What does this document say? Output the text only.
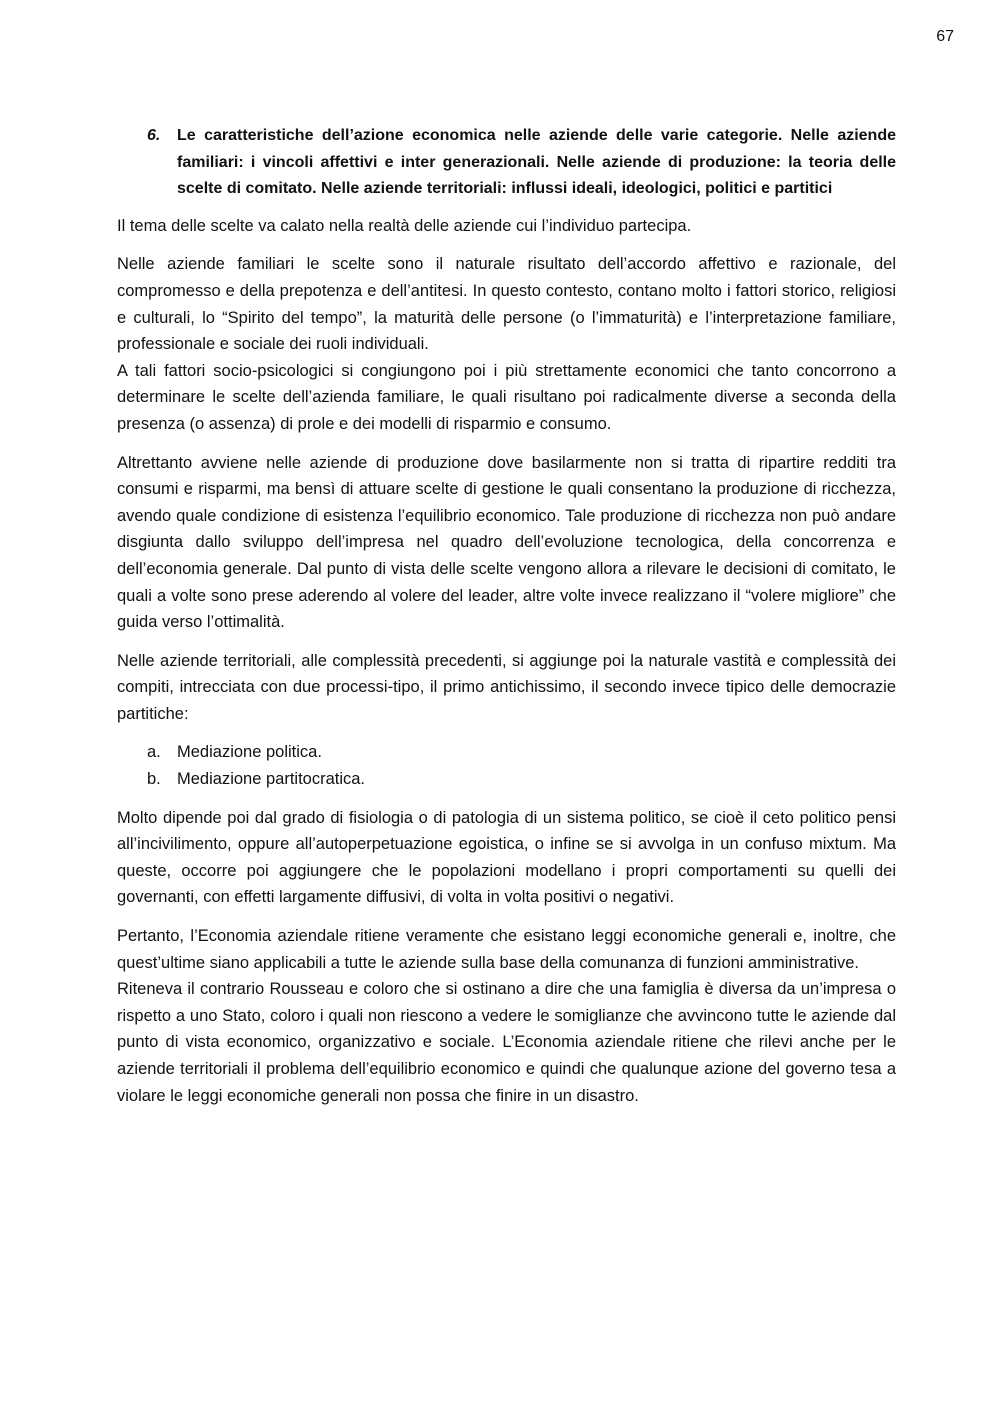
67
6.	Le caratteristiche dell’azione economica nelle aziende delle varie categorie. Nelle aziende familiari: i vincoli affettivi e inter generazionali. Nelle aziende di produzione: la teoria delle scelte di comitato. Nelle aziende territoriali: influssi ideali, ideologici, politici e partitici

Il tema delle scelte va calato nella realtà delle aziende cui l’individuo partecipa.

Nelle aziende familiari le scelte sono il naturale risultato dell’accordo affettivo e razionale, del compromesso e della prepotenza e dell’antitesi. In questo contesto, contano molto i fattori storico, religiosi e culturali, lo “Spirito del tempo”, la maturità delle persone (o l’immaturità) e l’interpretazione familiare, professionale e sociale dei ruoli individuali.

A tali fattori socio-psicologici si congiungono poi i più strettamente economici che tanto concorrono a determinare le scelte dell’azienda familiare, le quali risultano poi radicalmente diverse a seconda della presenza (o assenza) di prole e dei modelli di risparmio e consumo.

Altrettanto avviene nelle aziende di produzione dove basilarmente non si tratta di ripartire redditi tra consumi e risparmi, ma bensì di attuare scelte di gestione le quali consentano la produzione di ricchezza, avendo quale condizione di esistenza l’equilibrio economico. Tale produzione di ricchezza non può andare disgiunta dallo sviluppo dell’impresa nel quadro dell’evoluzione tecnologica, della concorrenza e dell’economia generale. Dal punto di vista delle scelte vengono allora a rilevare le decisioni di comitato, le quali a volte sono prese aderendo al volere del leader, altre volte invece realizzano il “volere migliore” che guida verso l’ottimalità.

Nelle aziende territoriali, alle complessità precedenti, si aggiunge poi la naturale vastità e complessità dei compiti, intrecciata con due processi-tipo, il primo antichissimo, il secondo invece tipico delle democrazie partitiche:

a. Mediazione politica.
b. Mediazione partitocratica.

Molto dipende poi dal grado di fisiologia o di patologia di un sistema politico, se cioè il ceto politico pensi all’incivilimento, oppure all’autoperpetuazione egoistica, o infine se si avvolga in un confuso mixtum. Ma queste, occorre poi aggiungere che le popolazioni modellano i propri comportamenti su quelli dei governanti, con effetti largamente diffusivi, di volta in volta positivi o negativi.

Pertanto, l’Economia aziendale ritiene veramente che esistano leggi economiche generali e, inoltre, che quest’ultime siano applicabili a tutte le aziende sulla base della comunanza di funzioni amministrative.

Riteneva il contrario Rousseau e coloro che si ostinano a dire che una famiglia è diversa da un’impresa o rispetto a uno Stato, coloro i quali non riescono a vedere le somiglianze che avvincono tutte le aziende dal punto di vista economico, organizzativo e sociale. L’Economia aziendale ritiene che rilevi anche per le aziende territoriali il problema dell’equilibrio economico e quindi che qualunque azione del governo tesa a violare le leggi economiche generali non possa che finire in un disastro.
